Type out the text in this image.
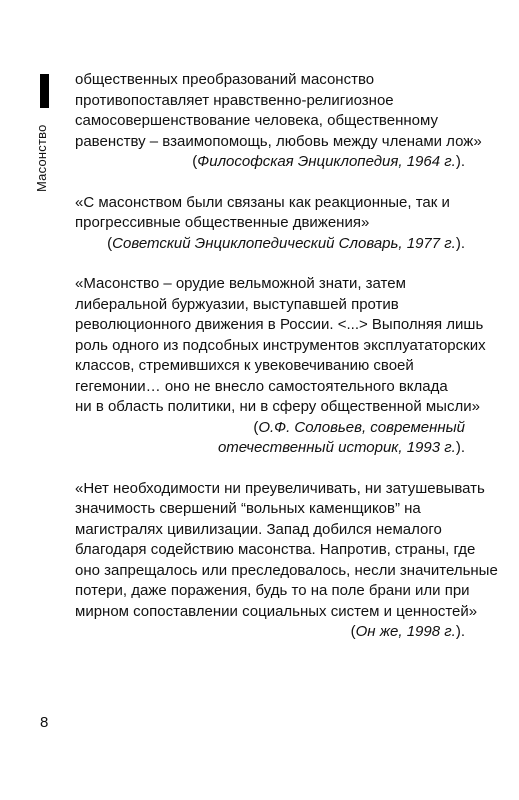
Масонство
общественных преобразований масонство
противопоставляет нравственно-религиозное
самосовершенствование человека, общественному
равенству – взаимопомощь, любовь между членами лож»
(Философская Энциклопедия, 1964 г.).
«С масонством были связаны как реакционные, так и
прогрессивные общественные движения»
(Советский Энциклопедический Словарь, 1977 г.).
«Масонство – орудие вельможной знати, затем
либеральной буржуазии, выступавшей против
революционного движения в России. <...> Выполняя лишь
роль одного из подсобных инструментов эксплуататорских
классов, стремившихся к увековечиванию своей
гегемонии… оно не внесло самостоятельного вклада
ни в область политики, ни в сферу общественной мысли»
(О.Ф. Соловьев, современный
отечественный историк, 1993 г.).
«Нет необходимости ни преувеличивать, ни затушевывать
значимость свершений “вольных каменщиков” на
магистралях цивилизации. Запад добился немалого
благодаря содействию масонства. Напротив, страны, где
оно запрещалось или преследовалось, несли значительные
потери, даже поражения, будь то на поле брани или при
мирном сопоставлении социальных систем и ценностей»
(Он же, 1998 г.).
8
